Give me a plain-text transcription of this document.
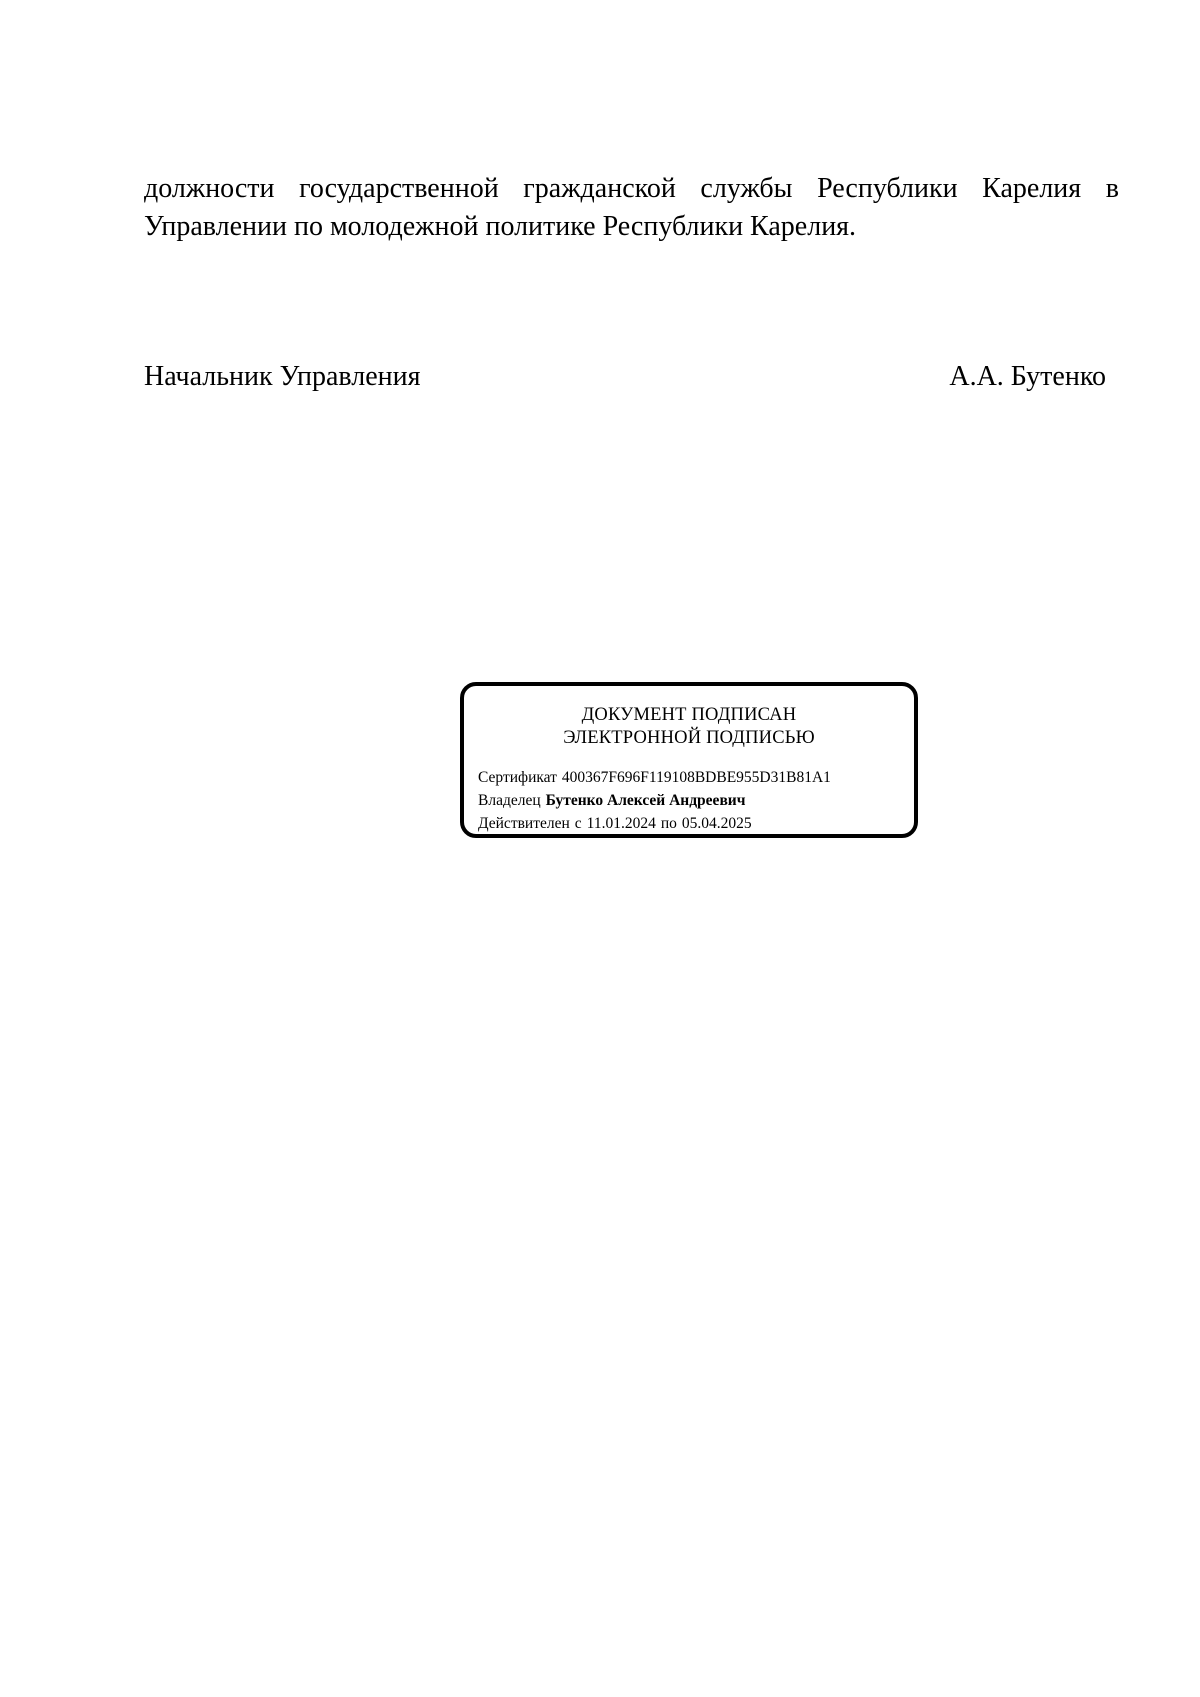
должности государственной гражданской службы Республики Карелия в Управлении по молодежной политике Республики Карелия.

Начальник Управления	А.А. Бутенко
ДОКУМЕНТ ПОДПИСАН
ЭЛЕКТРОННОЙ ПОДПИСЬЮ
Сертификат 400367F696F119108BDBE955D31B81A1
Владелец Бутенко Алексей Андреевич
Действителен с 11.01.2024 по 05.04.2025
